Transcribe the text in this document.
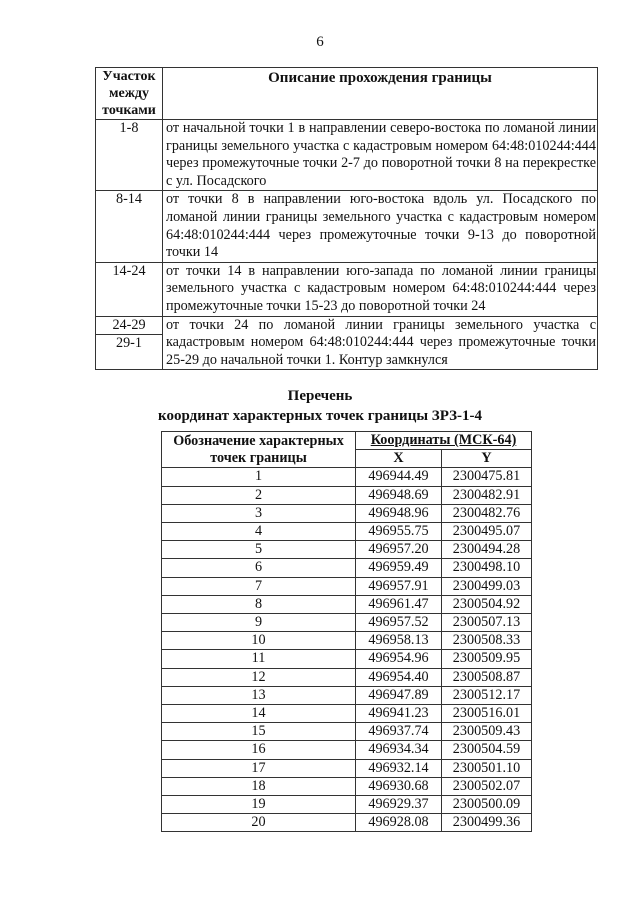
6
Участок
между
точками	Описание прохождения границы
1-8	от начальной точки 1 в направлении северо-востока по ломаной линии границы земельного участка с кадастровым номером 64:48:010244:444 через промежуточные точки 2-7 до поворотной точки 8 на перекрестке с ул. Посадского
8-14	от точки 8 в направлении юго-востока вдоль ул. Посадского по ломаной линии границы земельного участка с кадастровым номером 64:48:010244:444 через промежуточные точки 9-13 до поворотной точки 14
14-24	от точки 14 в направлении юго-запада по ломаной линии границы земельного участка с кадастровым номером 64:48:010244:444 через промежуточные точки 15-23 до поворотной точки 24
24-29	от точки 24 по ломаной линии границы земельного участка с кадастровым номером 64:48:010244:444 через промежуточные точки 25-29 до начальной точки 1. Контур замкнулся
29-1	
Перечень
координат характерных точек границы ЗРЗ-1-4
Обозначение характерных точек границы	Координаты (МСК-64)	
	X	Y
1	496944.49	2300475.81
2	496948.69	2300482.91
3	496948.96	2300482.76
4	496955.75	2300495.07
5	496957.20	2300494.28
6	496959.49	2300498.10
7	496957.91	2300499.03
8	496961.47	2300504.92
9	496957.52	2300507.13
10	496958.13	2300508.33
11	496954.96	2300509.95
12	496954.40	2300508.87
13	496947.89	2300512.17
14	496941.23	2300516.01
15	496937.74	2300509.43
16	496934.34	2300504.59
17	496932.14	2300501.10
18	496930.68	2300502.07
19	496929.37	2300500.09
20	496928.08	2300499.36
